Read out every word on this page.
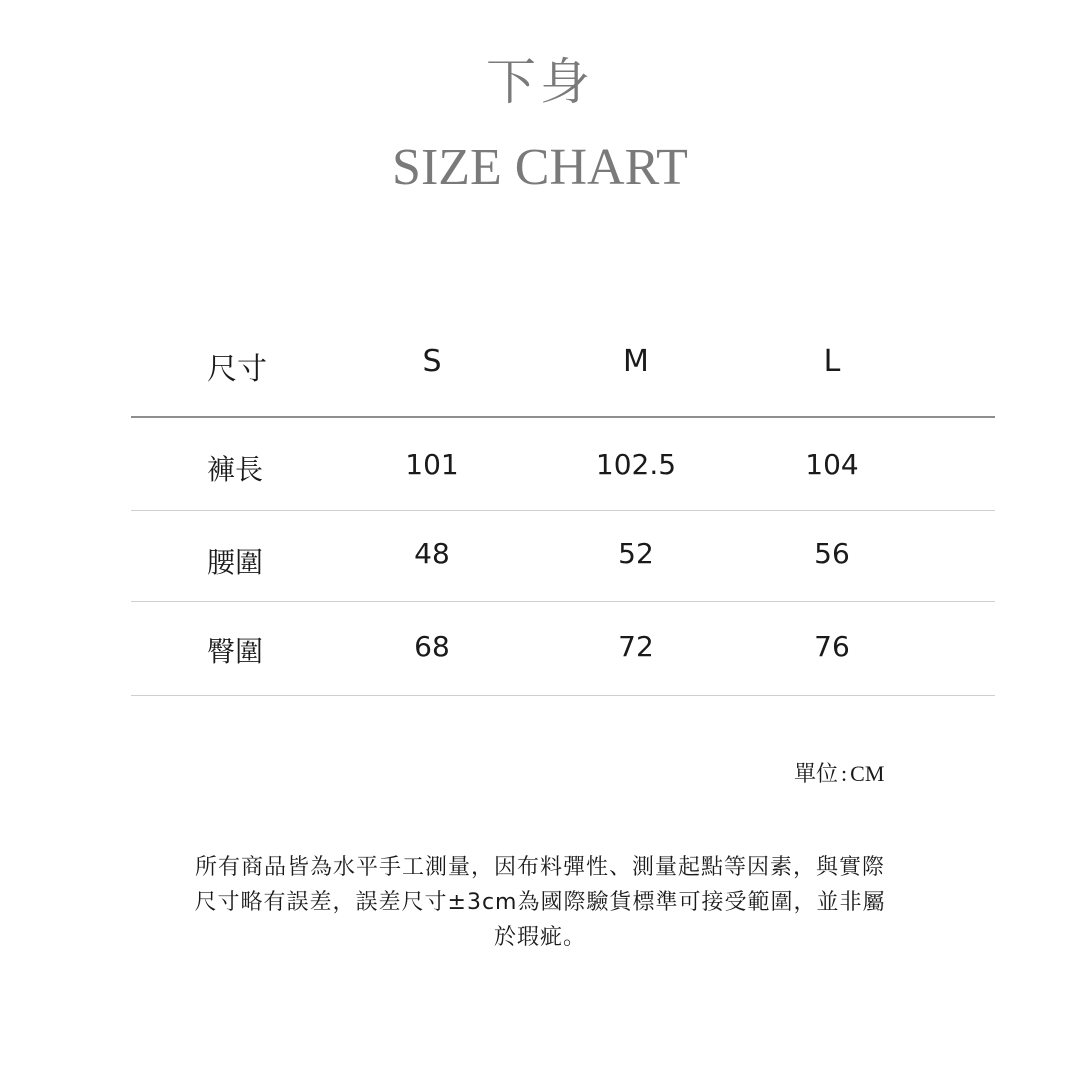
下身
SIZE CHART
尺寸	S	M	L
褲長	101	102.5	104
腰圍	48	52	56
臀圍	68	72	76
單位 : CM
所有商品皆為水平手工測量，因布料彈性、測量起點等因素，與實際
尺寸略有誤差，誤差尺寸±3cm為國際驗貨標準可接受範圍，並非屬
於瑕疵。
